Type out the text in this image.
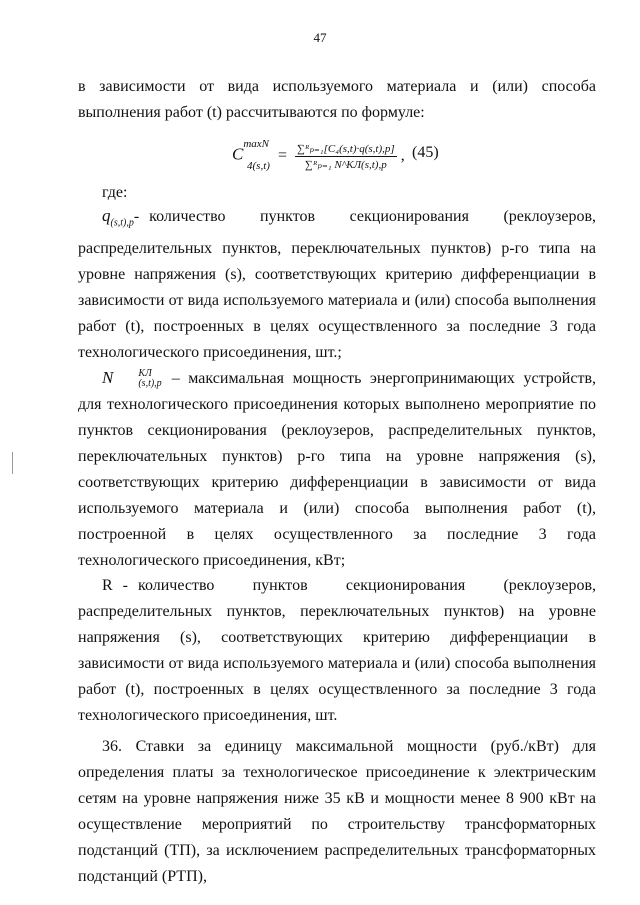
47

в зависимости от вида используемого материала и (или) способа выполнения работ (t) рассчитываются по формуле:

$C^{maxN}_{4(s,t)}$
= $\frac{\text{∑ᴿₚ₌₁[C₄(s,t)·q(s,t),p]}}{\text{∑ᴿₚ₌₁ N\textasciicircum{}КЛ(s,t),p}}$ , (45)

где:

$q_{(s,t),p}-$ количество пунктов секционирования (реклоузеров, распределительных пунктов, переключательных пунктов) p-го типа на уровне напряжения (s), соответствующих критерию дифференциации в зависимости от вида используемого материала и (или) способа выполнения работ (t), построенных в целях осуществленного за последние 3 года технологического присоединения, шт.;

N	КЛ
(s,t),p – максимальная мощность энергопринимающих устройств, для технологического присоединения которых выполнено мероприятие по пунктов секционирования (реклоузеров, распределительных пунктов, переключательных пунктов) p-го типа на уровне напряжения (s), соответствующих критерию дифференциации в зависимости от вида используемого материала и (или) способа выполнения работ (t), построенной в целях осуществленного за последние 3 года технологического присоединения, кВт;

R - количество пунктов секционирования (реклоузеров, распределительных пунктов, переключательных пунктов) на уровне напряжения (s), соответствующих критерию дифференциации в зависимости от вида используемого материала и (или) способа выполнения работ (t), построенных в целях осуществленного за последние 3 года технологического присоединения, шт.

36. Ставки за единицу максимальной мощности (руб./кВт) для определения платы за технологическое присоединение к электрическим сетям на уровне напряжения ниже 35 кВ и мощности менее 8 900 кВт на осуществление мероприятий по строительству трансформаторных подстанций (ТП), за исключением распределительных трансформаторных подстанций (РТП),
